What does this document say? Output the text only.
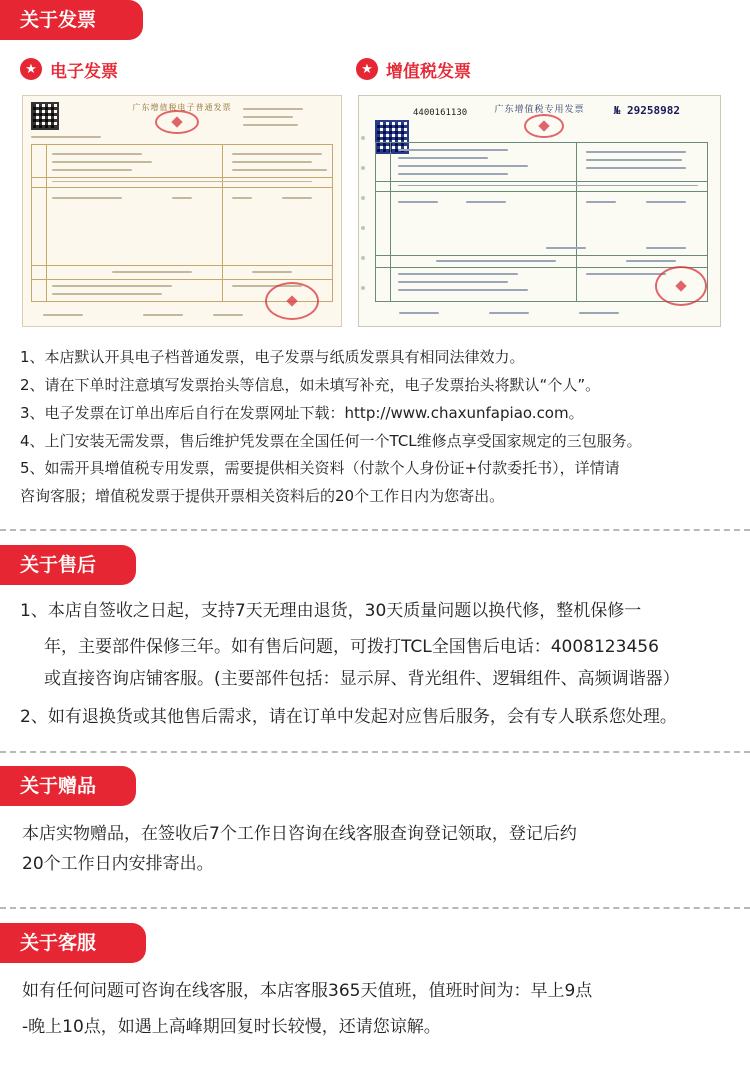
关于发票
★ 电子发票	★ 增值税发票
广东增值税电子普通发票
4400161130	广东增值税专用发票	№ 29258982
1、本店默认开具电子档普通发票，电子发票与纸质发票具有相同法律效力。
2、请在下单时注意填写发票抬头等信息，如未填写补充，电子发票抬头将默认“个人”。
3、电子发票在订单出库后自行在发票网址下载：http://www.chaxunfapiao.com。
4、上门安装无需发票，售后维护凭发票在全国任何一个TCL维修点享受国家规定的三包服务。
5、如需开具增值税专用发票，需要提供相关资料（付款个人身份证+付款委托书），详情请
咨询客服；增值税发票于提供开票相关资料后的20个工作日内为您寄出。
关于售后
1、本店自签收之日起，支持7天无理由退货，30天质量问题以换代修，整机保修一
年，主要部件保修三年。如有售后问题，可拨打TCL全国售后电话：4008123456
或直接咨询店铺客服。(主要部件包括：显示屏、背光组件、逻辑组件、高频调谐器）
2、如有退换货或其他售后需求，请在订单中发起对应售后服务，会有专人联系您处理。
关于赠品
本店实物赠品，在签收后7个工作日咨询在线客服查询登记领取，登记后约
20个工作日内安排寄出。
关于客服
如有任何问题可咨询在线客服，本店客服365天值班，值班时间为：早上9点
-晚上10点，如遇上高峰期回复时长较慢，还请您谅解。
